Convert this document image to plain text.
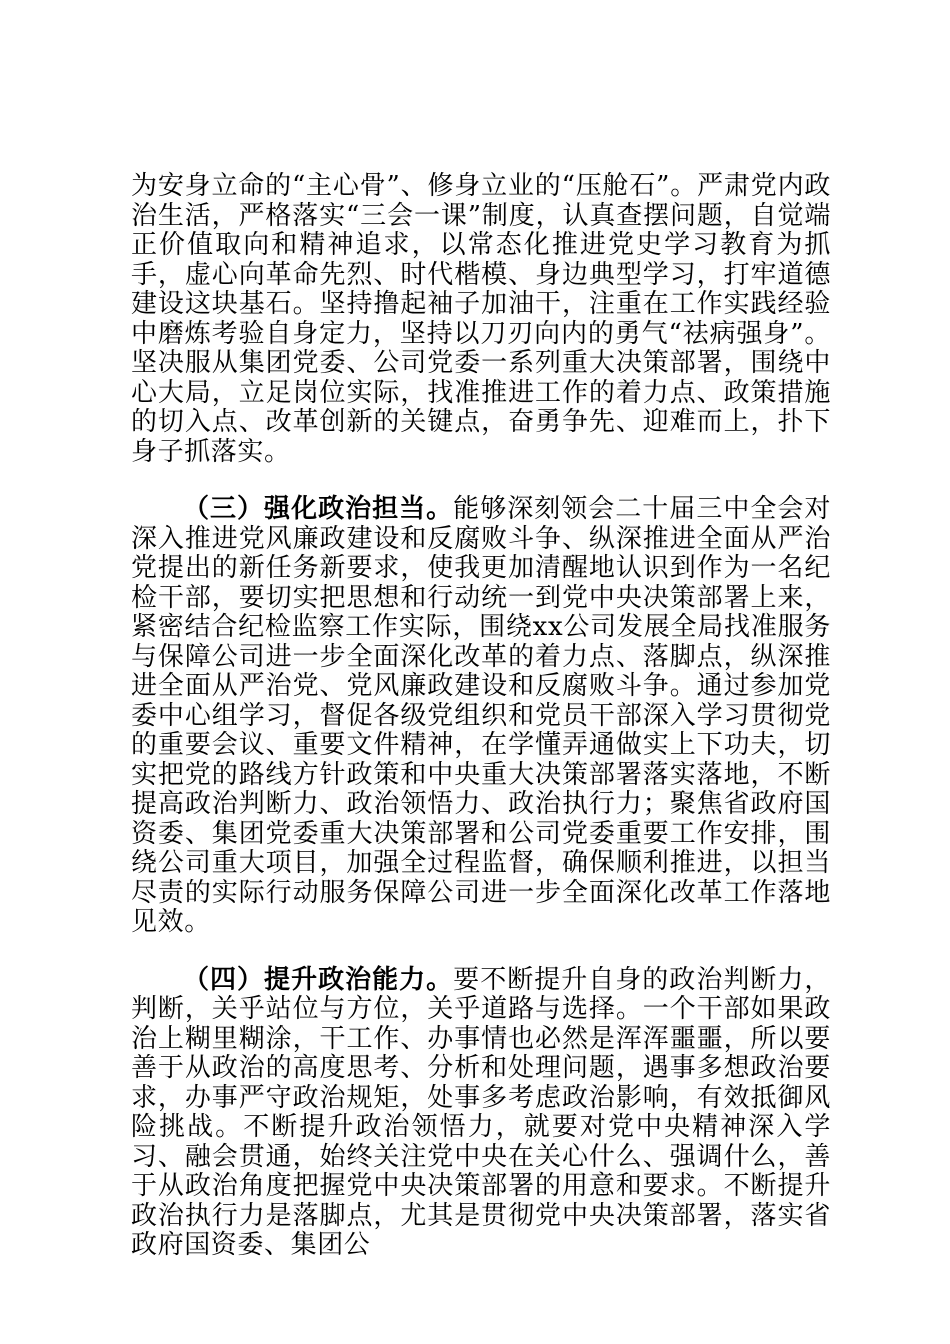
为安身立命的“主心骨”、修身立业的“压舱石”。严肃党内政治生活，严格落实“三会一课”制度，认真查摆问题，自觉端正价值取向和精神追求，以常态化推进党史学习教育为抓手，虚心向革命先烈、时代楷模、身边典型学习，打牢道德建设这块基石。坚持撸起袖子加油干，注重在工作实践经验中磨炼考验自身定力，坚持以刀刃向内的勇气“祛病强身”。坚决服从集团党委、公司党委一系列重大决策部署，围绕中心大局，立足岗位实际，找准推进工作的着力点、政策措施的切入点、改革创新的关键点，奋勇争先、迎难而上，扑下身子抓落实。

（三）强化政治担当。能够深刻领会二十届三中全会对深入推进党风廉政建设和反腐败斗争、纵深推进全面从严治党提出的新任务新要求，使我更加清醒地认识到作为一名纪检干部，要切实把思想和行动统一到党中央决策部署上来，紧密结合纪检监察工作实际，围绕xx公司发展全局找准服务与保障公司进一步全面深化改革的着力点、落脚点，纵深推进全面从严治党、党风廉政建设和反腐败斗争。通过参加党委中心组学习，督促各级党组织和党员干部深入学习贯彻党的重要会议、重要文件精神，在学懂弄通做实上下功夫，切实把党的路线方针政策和中央重大决策部署落实落地，不断提高政治判断力、政治领悟力、政治执行力；聚焦省政府国资委、集团党委重大决策部署和公司党委重要工作安排，围绕公司重大项目，加强全过程监督，确保顺利推进，以担当尽责的实际行动服务保障公司进一步全面深化改革工作落地见效。

（四）提升政治能力。要不断提升自身的政治判断力，判断，关乎站位与方位，关乎道路与选择。一个干部如果政治上糊里糊涂，干工作、办事情也必然是浑浑噩噩，所以要善于从政治的高度思考、分析和处理问题，遇事多想政治要求，办事严守政治规矩，处事多考虑政治影响，有效抵御风险挑战。不断提升政治领悟力，就要对党中央精神深入学习、融会贯通，始终关注党中央在关心什么、强调什么，善于从政治角度把握党中央决策部署的用意和要求。不断提升政治执行力是落脚点，尤其是贯彻党中央决策部署，落实省政府国资委、集团公
